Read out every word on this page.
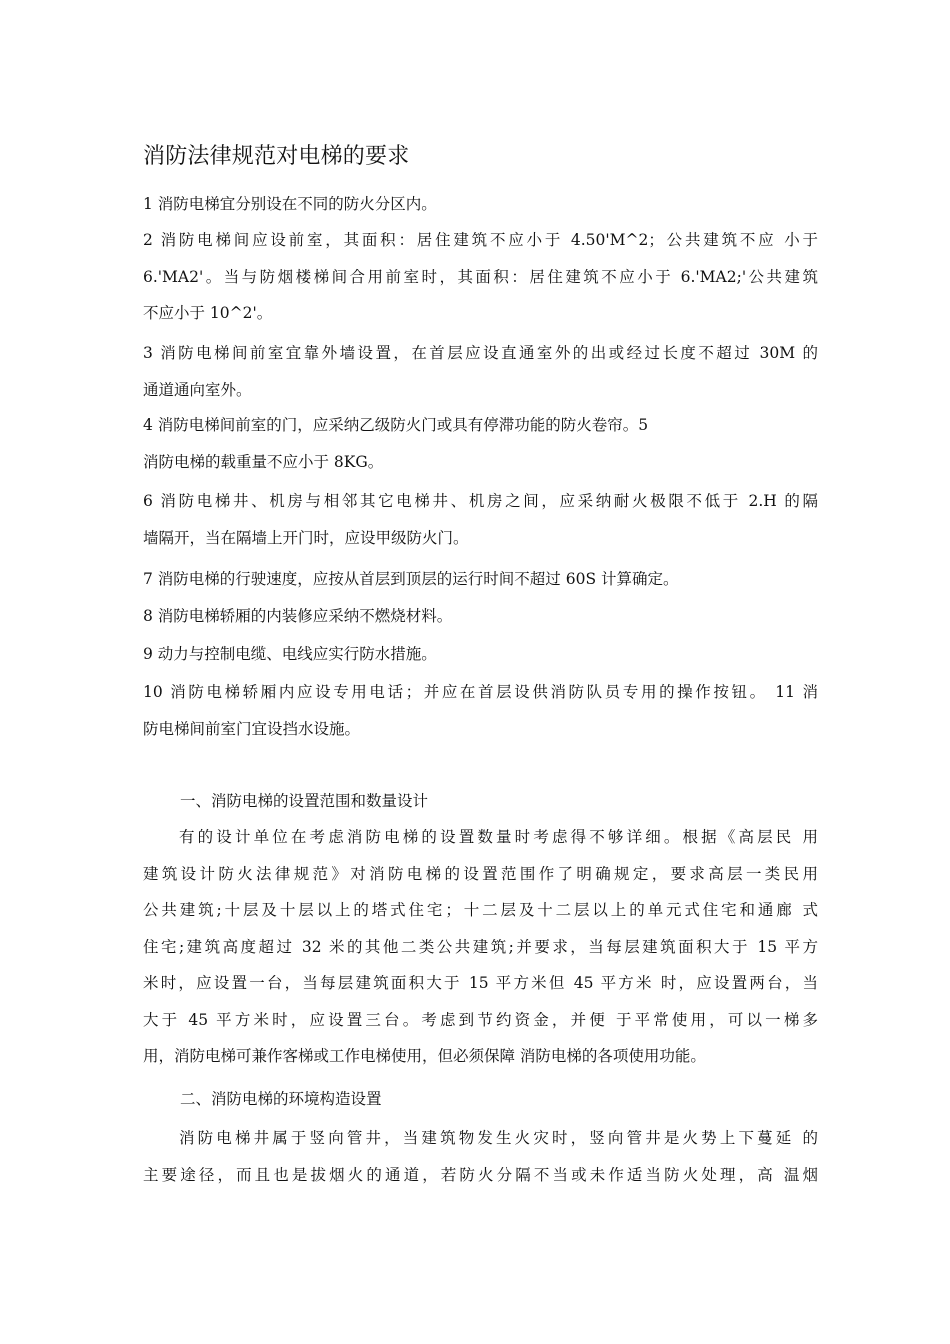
消防法律规范对电梯的要求
1 消防电梯宜分别设在不同的防火分区内。
2 消防电梯间应设前室，其面积：居住建筑不应小于 4.50'M^2；公共建筑不应 小于
6.'MA2'。当与防烟楼梯间合用前室时，其面积：居住建筑不应小于 6.'MA2;'公共建筑
不应小于 10^2'。
3 消防电梯间前室宜靠外墙设置，在首层应设直通室外的出或经过长度不超过 30M 的
通道通向室外。
4 消防电梯间前室的门，应采纳乙级防火门或具有停滞功能的防火卷帘。5
消防电梯的载重量不应小于 8KG。
6 消防电梯井、机房与相邻其它电梯井、机房之间，应采纳耐火极限不低于 2.H 的隔
墙隔开，当在隔墙上开门时，应设甲级防火门。
7 消防电梯的行驶速度，应按从首层到顶层的运行时间不超过 60S 计算确定。
8 消防电梯轿厢的内装修应采纳不燃烧材料。
9 动力与控制电缆、电线应实行防水措施。
10 消防电梯轿厢内应设专用电话；并应在首层设供消防队员专用的操作按钮。 11 消
防电梯间前室门宜设挡水设施。
一、消防电梯的设置范围和数量设计
有的设计单位在考虑消防电梯的设置数量时考虑得不够详细。根据《高层民 用
建筑设计防火法律规范》对消防电梯的设置范围作了明确规定，要求高层一类民用
公共建筑;十层及十层以上的塔式住宅；十二层及十二层以上的单元式住宅和通廊 式
住宅;建筑高度超过 32 米的其他二类公共建筑;并要求，当每层建筑面积大于 15 平方
米时，应设置一台，当每层建筑面积大于 15 平方米但 45 平方米 时，应设置两台，当
大于 45 平方米时，应设置三台。考虑到节约资金，并便 于平常使用，可以一梯多
用，消防电梯可兼作客梯或工作电梯使用，但必须保障 消防电梯的各项使用功能。
二、消防电梯的环境构造设置
消防电梯井属于竖向管井，当建筑物发生火灾时，竖向管井是火势上下蔓延 的
主要途径，而且也是拔烟火的通道，若防火分隔不当或未作适当防火处理，高 温烟
